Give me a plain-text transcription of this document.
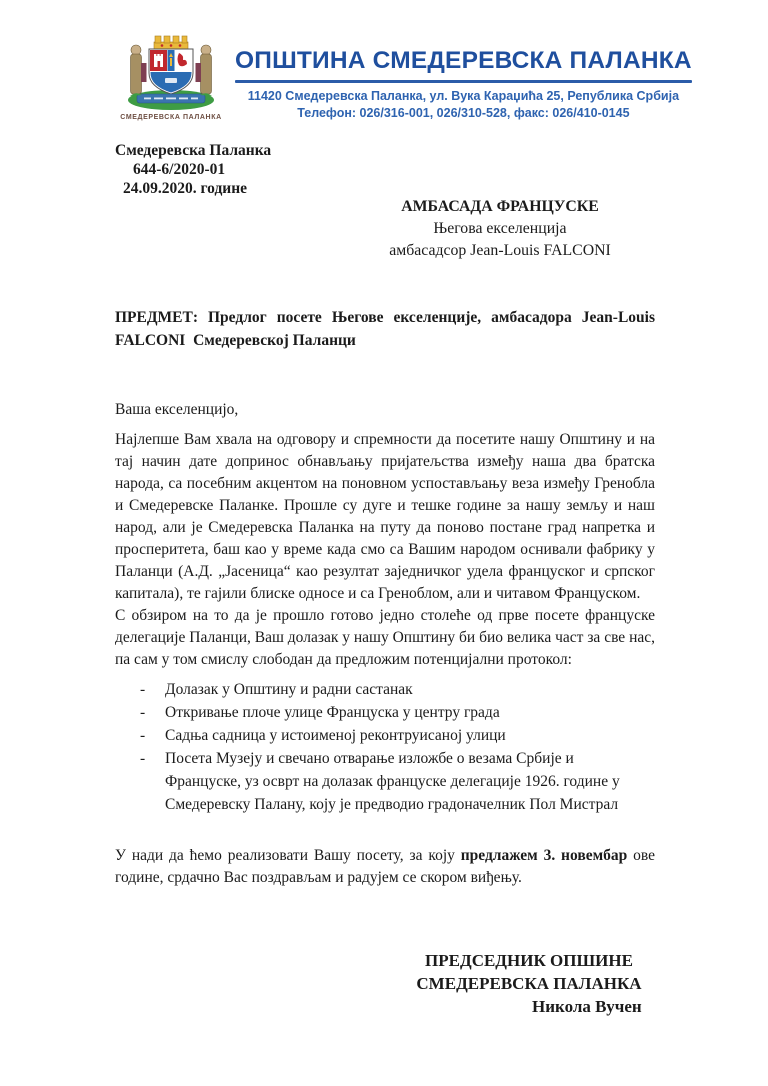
СМЕДЕРЕВСКА ПАЛАНКА
ОПШТИНА СМЕДЕРЕВСКА ПАЛАНКА
11420 Смедеревска Паланка, ул. Вука Караџића 25, Република Србија
Телефон: 026/316-001, 026/310-528, факс: 026/410-0145
Смедеревска Паланка
644-6/2020-01
24.09.2020. године
АМБАСАДА ФРАНЦУСКЕ
Његова екселенција
амбасадсор Jean-Louis FALCONI
ПРЕДМЕТ: Предлог посете Његове екселенције, амбасадора Jean-Louis
FALCONI  Смедеревској Паланци

Ваша екселенцијо,

Најлепше Вам хвала на одговору и спремности да посетите нашу Општину и на тај начин дате допринос обнављању пријатељства између наша два братска народа, са посебним акцентом на поновном успостављању веза између Гренобла и Смедеревске Паланке. Прошле су дуге и тешке године за нашу земљу и наш народ, али је Смедеревска Паланка на путу да поново постане град напретка и просперитета, баш као у време када смо са Вашим народом оснивали фабрику у Паланци (А.Д. „Јасеница“ као резултат заједничког удела француског и српског капитала), те гајили блиске односе и са Греноблом, али и читавом Француском.

С обзиром на то да је прошло готово једно столеће од прве посете француске делегације Паланци, Ваш долазак у нашу Општину би био велика част за све нас, па сам у том смислу слободан да предложим потенцијални протокол:

-	Долазак у Општину и радни састанак
-	Откривање плоче улице Француска у центру града
-	Садња садница у истоименој реконтруисаној улици
-	Посета Музеју и свечано отварање изложбе о везама Србије и Француске, уз осврт на долазак француске делегације 1926. године у Смедеревску Палану, коју је предводио градоначелник Пол Мистрал

У нади да ћемо реализовати Вашу посету, за коју предлажем 3. новембар ове године, срдачно Вас поздрављам и радујем се скором виђењу.

ПРЕДСЕДНИК ОПШИНЕ
СМЕДЕРЕВСКА ПАЛАНКА
Никола Вучен
